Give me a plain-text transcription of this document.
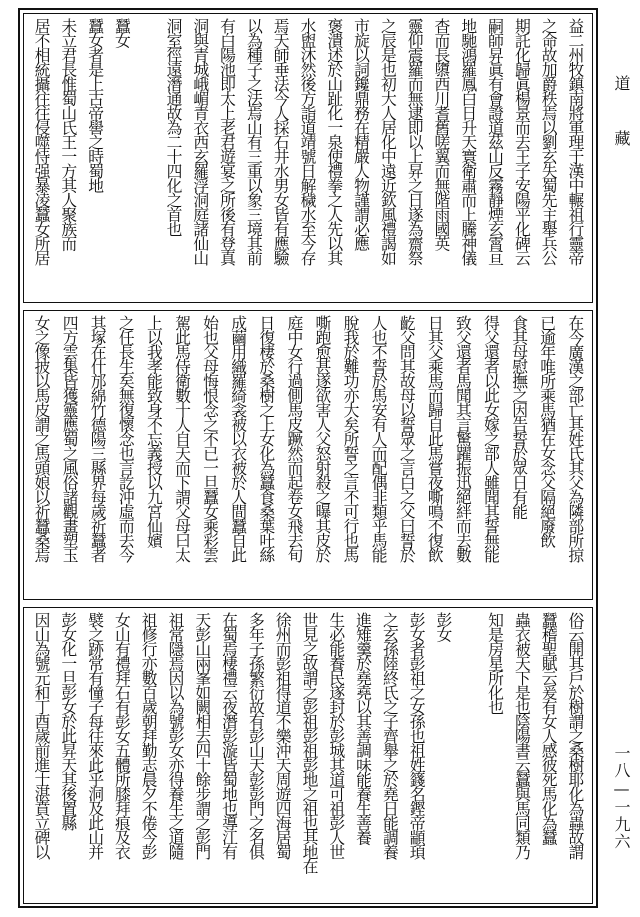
益二州牧鎮南將軍理于漢中輾祖行靈帝
之命故加爵秩焉以劉玄失蜀先主舉兵公
期託化歸眞楊景而去王子安陽平化碑云
嗣師昇眞有會證道茲山反霧靜煙玄霄亘
地馳鴻羅鳳白日升天寰衛肅而上騰神儀
杳而長隳西川耆舊嗟翼而無階雨國英
靈仰震羅而無逮即以上昇之日遂為齋祭
之辰是也初大人居化中遠近欽風禮謁如
市旋以詞鑱鼎務在精嚴人物謹謂必應
褒潰述於山趾化一泉使禮拳之人先以其
水盥沐然後方詣道靖號日解穢水至今存
焉天師垂法今人採石井水男女皆有應驗
以為種子之法焉山有三重以象三境其前
有白陽池即太上老君遊宴之所後有登真
洞與青城峨嵋青衣西玄羅浮洞庭諸仙山
洞室徑遠潛通故為二十四化之首也
蠶女
蠶女者是上古帝嚳之時蜀地
未立君長惟蜀山氏王一方其人聚族而
居不相統攝往往侵噬恃强暴凌蠶女所居
在今廣漢之部亡其姓氏其父為隣部所掠
已逾年唯所乘馬猶在女念父隔絕廢飲
食其母慰撫之因告誓於眾日有能
得父還者以此女嫁之部人雖聞其誓無能
致父還者馬聞其言驚躍振迅絕絆而去數
日其父乘馬而歸自此馬嘗夜嘶鳴不復飲
齕父問其故母以誓眾之言白之父曰誓於
人也不誓於馬安有人而配偶非類乎馬能
脫我於難功亦大矣所誓之言不可行也馬
嘶跑愈甚遂欲害人父怒射殺之曝其皮於
庭中女行過側馬皮蹶然而起卷女飛去旬
日復棲於桑樹之上女化為蠶食桑葉吐絲
成繭用織羅綺衾被以衣被於人間蠶自此
始也父母悔恨念之不已一旦蠶女乘彩雲
駕此馬侍衛數十人自天而下謂父母曰太
上以我孝能致身不忘義授以九宮仙嬪
之任長生矣無復懷念也言訖沖虛而去今
其塚在什邡綿竹德陽三縣界每歲祈蠶者
四方雲集皆獲靈應蜀之風俗諸觀畫塑玉
女之像披以馬皮謂之馬頭娘以祈蠶桑焉
俗云開其戶於樹謂之桑樹耶化為蟲故謂
蠶稽聖賦云爰有女人感彼死馬化為蠶
蟲衣被天下是也陰陽書云蠶與馬同類乃
知是房星所化也
彭女
彭女者彭祖之女孫也祖姓籛名鏗帝顓頊
之玄孫陸終氏之子齊舉之於堯日能調養
進雉羹於堯堯以其善調味能養生善養
生必能養民遂封於彭城其道可祖彭人世
世見之故謂之彭祖彭祖彭地之祖也其地在
徐州而彭祖得道不樂沖天周遊四海居蜀
多年子孫繁衍故有彭山天彭彭門之名俱
在蜀焉棲禮云夜潛彭漩皆蜀地也導江有
天彭山兩峯如闕相去四十餘步謂之彭門
祖常隱焉因以為號彭女亦得養生之道隨
祖修行亦數百歲朝拜勤志晨夕不倦今彭
女山有禮拜石有彭女五體所膝拜痕及衣
襞之跡常有憧子每往來此乎洞及此山并
彭女化一旦彭女於此昇天其後置縣
因山為號元和丁酉歲前進士湛賁立碑以
道 藏
一八—一九六
